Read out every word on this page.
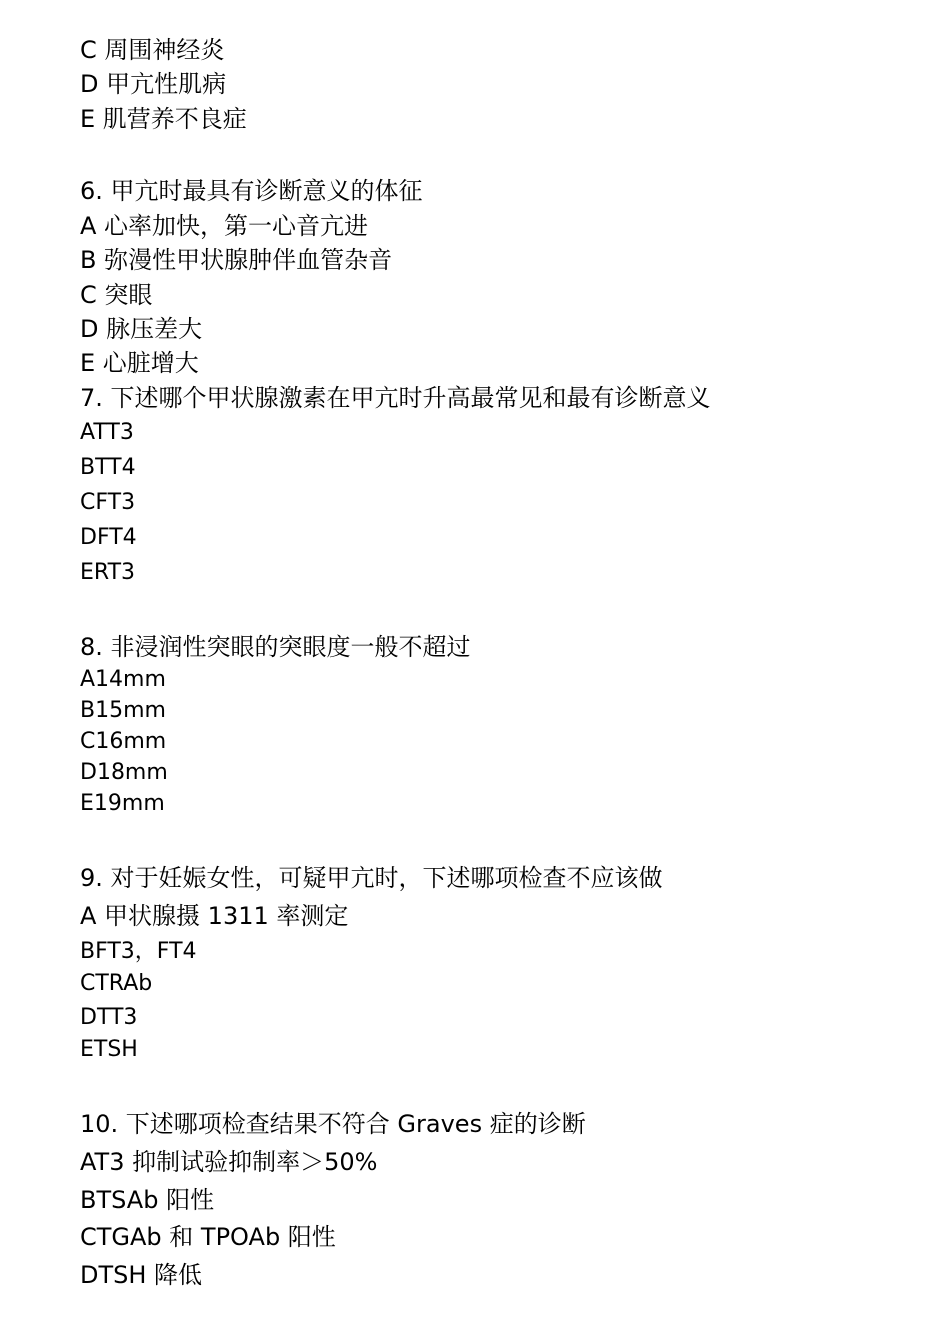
C 周围神经炎
D 甲亢性肌病
E 肌营养不良症
6. 甲亢时最具有诊断意义的体征
A 心率加快，第一心音亢进
B 弥漫性甲状腺肿伴血管杂音
C 突眼
D 脉压差大
E 心脏增大
7. 下述哪个甲状腺激素在甲亢时升高最常见和最有诊断意义
ATT3
BTT4
CFT3
DFT4
ERT3
8. 非浸润性突眼的突眼度一般不超过
A14mm
B15mm
C16mm
D18mm
E19mm
9. 对于妊娠女性，可疑甲亢时，下述哪项检查不应该做
A 甲状腺摄 1311 率测定
BFT3，FT4
CTRAb
DTT3
ETSH
10. 下述哪项检查结果不符合 Graves 症的诊断
AT3 抑制试验抑制率＞50%
BTSAb 阳性
CTGAb 和 TPOAb 阳性
DTSH 降低
